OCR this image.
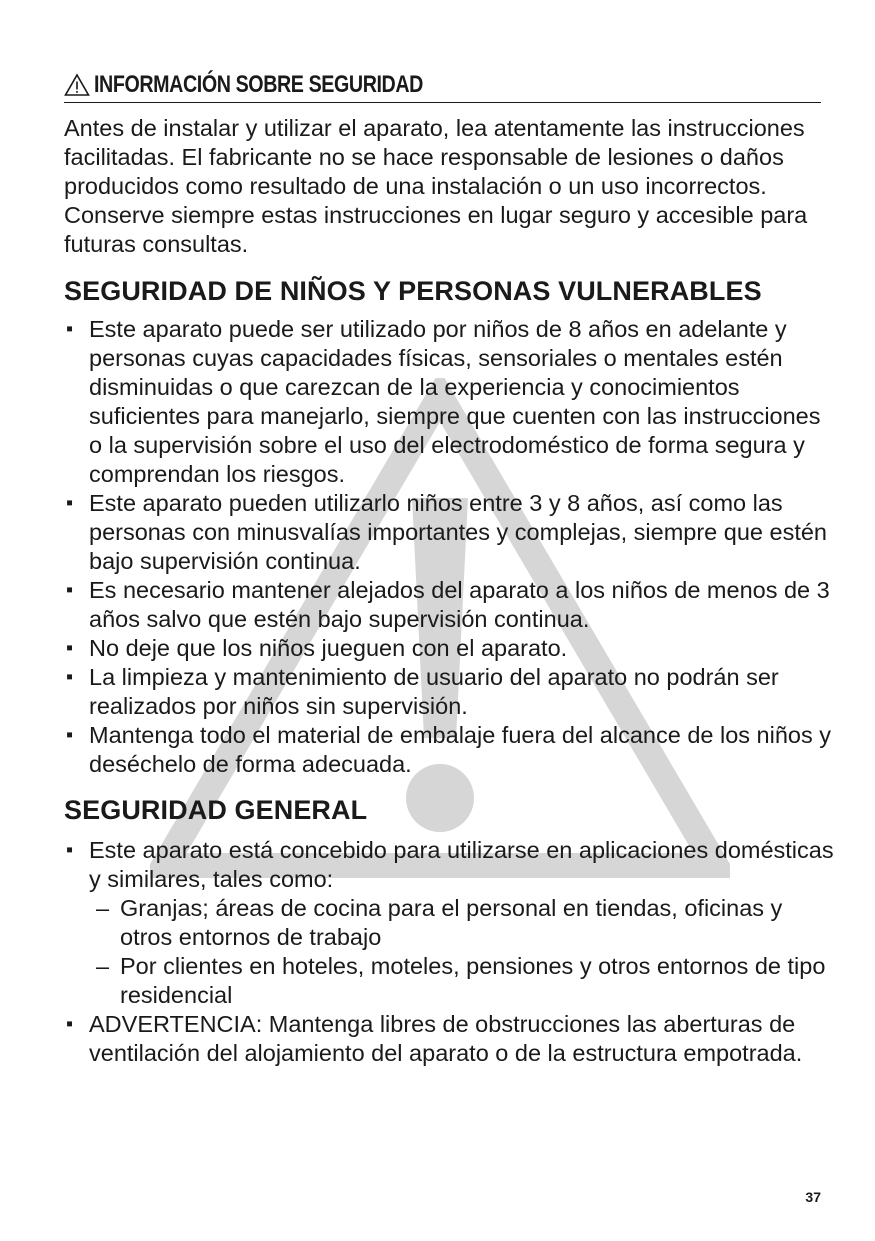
INFORMACIÓN SOBRE SEGURIDAD

Antes de instalar y utilizar el aparato, lea atentamente las instrucciones facilitadas. El fabricante no se hace responsable de lesiones o daños producidos como resultado de una instalación o un uso incorrectos. Conserve siempre estas instrucciones en lugar seguro y accesible para futuras consultas.

SEGURIDAD DE NIÑOS Y PERSONAS VULNERABLES
▪ Este aparato puede ser utilizado por niños de 8 años en adelante y personas cuyas capacidades físicas, sensoriales o mentales estén disminuidas o que carezcan de la experiencia y conocimientos suficientes para manejarlo, siempre que cuenten con las instrucciones o la supervisión sobre el uso del electrodoméstico de forma segura y comprendan los riesgos.
▪ Este aparato pueden utilizarlo niños entre 3 y 8 años, así como las personas con minusvalías importantes y complejas, siempre que estén bajo supervisión continua.
▪ Es necesario mantener alejados del aparato a los niños de menos de 3 años salvo que estén bajo supervisión continua.
▪ No deje que los niños jueguen con el aparato.
▪ La limpieza y mantenimiento de usuario del aparato no podrán ser realizados por niños sin supervisión.
▪ Mantenga todo el material de embalaje fuera del alcance de los niños y deséchelo de forma adecuada.
SEGURIDAD GENERAL
▪ Este aparato está concebido para utilizarse en aplicaciones domésticas y similares, tales como:
– Granjas; áreas de cocina para el personal en tiendas, oficinas y otros entornos de trabajo
– Por clientes en hoteles, moteles, pensiones y otros entornos de tipo residencial
▪ ADVERTENCIA: Mantenga libres de obstrucciones las aberturas de ventilación del alojamiento del aparato o de la estructura empotrada.
37
